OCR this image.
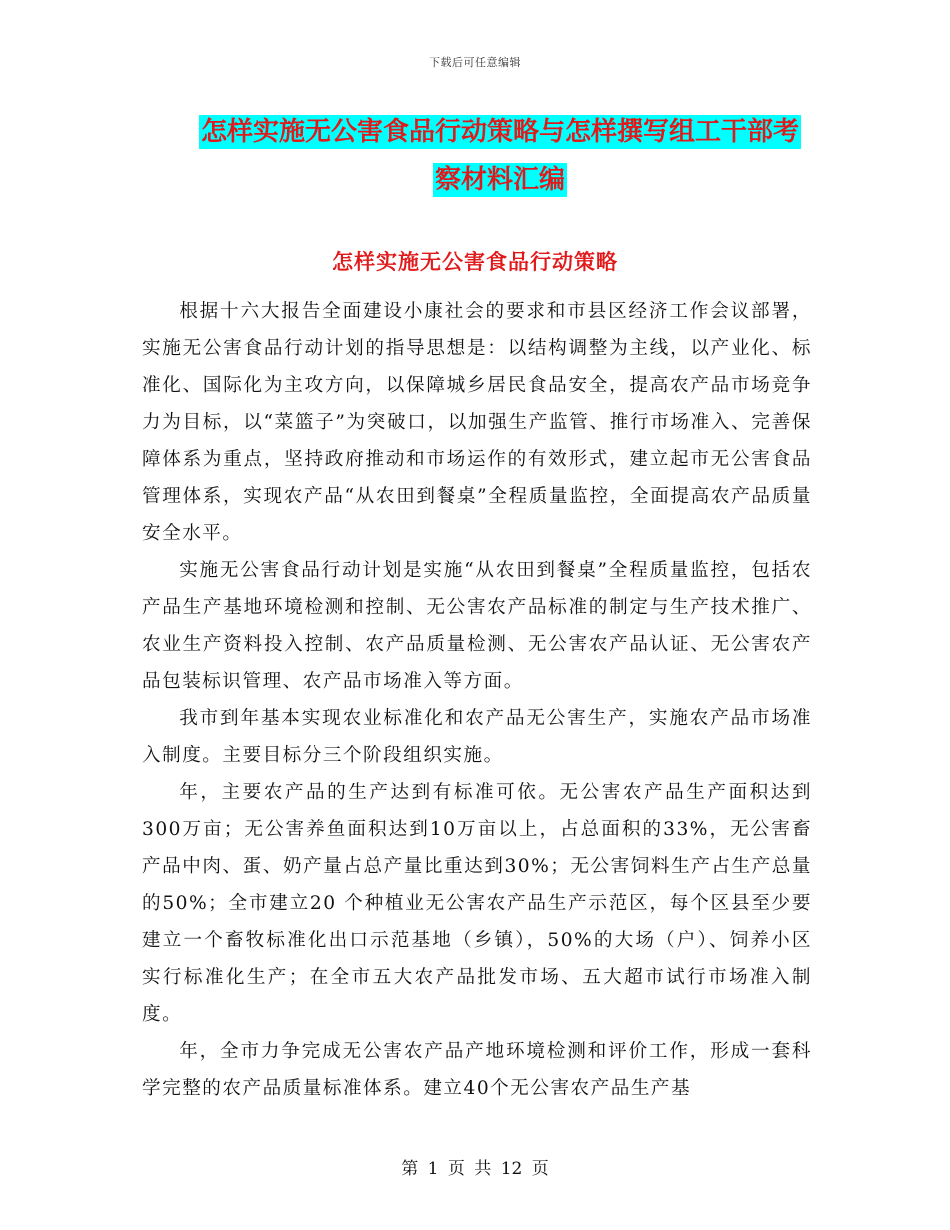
下载后可任意编辑
怎样实施无公害食品行动策略与怎样撰写组工干部考
察材料汇编
怎样实施无公害食品行动策略

根据十六大报告全面建设小康社会的要求和市县区经济工作会议部署，实施无公害食品行动计划的指导思想是：以结构调整为主线，以产业化、标准化、国际化为主攻方向，以保障城乡居民食品安全，提高农产品市场竞争力为目标，以“菜篮子”为突破口，以加强生产监管、推行市场准入、完善保障体系为重点，坚持政府推动和市场运作的有效形式，建立起市无公害食品管理体系，实现农产品“从农田到餐桌”全程质量监控，全面提高农产品质量安全水平。

实施无公害食品行动计划是实施“从农田到餐桌”全程质量监控，包括农产品生产基地环境检测和控制、无公害农产品标准的制定与生产技术推广、农业生产资料投入控制、农产品质量检测、无公害农产品认证、无公害农产品包装标识管理、农产品市场准入等方面。

我市到年基本实现农业标准化和农产品无公害生产，实施农产品市场准入制度。主要目标分三个阶段组织实施。

年，主要农产品的生产达到有标准可依。无公害农产品生产面积达到300万亩；无公害养鱼面积达到10万亩以上，占总面积的33%，无公害畜产品中肉、蛋、奶产量占总产量比重达到30%；无公害饲料生产占生产总量的50%；全市建立20 个种植业无公害农产品生产示范区，每个区县至少要建立一个畜牧标准化出口示范基地（乡镇），50%的大场（户）、饲养小区实行标准化生产；在全市五大农产品批发市场、五大超市试行市场准入制度。

年，全市力争完成无公害农产品产地环境检测和评价工作，形成一套科学完整的农产品质量标准体系。建立40个无公害农产品生产基

第 1 页 共 12 页
